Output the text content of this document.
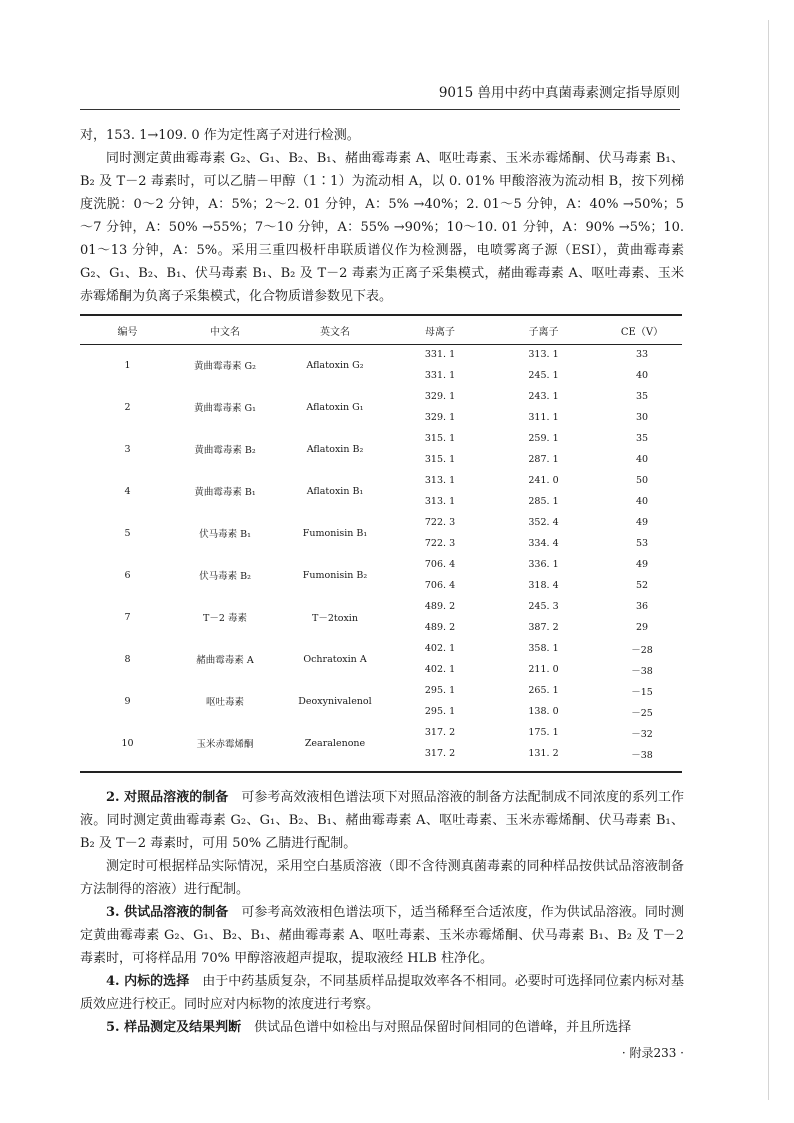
9015 兽用中药中真菌毒素测定指导原则

对，153. 1→109. 0 作为定性离子对进行检测。

同时测定黄曲霉毒素 G₂、G₁、B₂、B₁、赭曲霉毒素 A、呕吐毒素、玉米赤霉烯酮、伏马毒素 B₁、B₂ 及 T－2 毒素时，可以乙腈－甲醇（1∶1）为流动相 A，以 0. 01% 甲酸溶液为流动相 B，按下列梯度洗脱：0～2 分钟，A：5%；2～2. 01 分钟，A：5% →40%；2. 01～5 分钟，A：40% →50%；5～7 分钟，A：50% →55%；7～10 分钟，A：55% →90%；10～10. 01 分钟，A：90% →5%；10. 01～13 分钟，A：5%。采用三重四极杆串联质谱仪作为检测器，电喷雾离子源（ESI），黄曲霉毒素 G₂、G₁、B₂、B₁、伏马毒素 B₁、B₂ 及 T－2 毒素为正离子采集模式，赭曲霉毒素 A、呕吐毒素、玉米赤霉烯酮为负离子采集模式，化合物质谱参数见下表。

编号	中文名	英文名	母离子	子离子	CE（V）
1	黄曲霉毒素 G₂	Aflatoxin G₂	331. 1	313. 1	33
			331. 1	245. 1	40
2	黄曲霉毒素 G₁	Aflatoxin G₁	329. 1	243. 1	35
			329. 1	311. 1	30
3	黄曲霉毒素 B₂	Aflatoxin B₂	315. 1	259. 1	35
			315. 1	287. 1	40
4	黄曲霉毒素 B₁	Aflatoxin B₁	313. 1	241. 0	50
			313. 1	285. 1	40
5	伏马毒素 B₁	Fumonisin B₁	722. 3	352. 4	49
			722. 3	334. 4	53
6	伏马毒素 B₂	Fumonisin B₂	706. 4	336. 1	49
			706. 4	318. 4	52
7	T－2 毒素	T－2toxin	489. 2	245. 3	36
			489. 2	387. 2	29
8	赭曲霉毒素 A	Ochratoxin A	402. 1	358. 1	－28
			402. 1	211. 0	－38
9	呕吐毒素	Deoxynivalenol	295. 1	265. 1	－15
			295. 1	138. 0	－25
10	玉米赤霉烯酮	Zearalenone	317. 2	175. 1	－32
			317. 2	131. 2	－38

2. 对照品溶液的制备　 可参考高效液相色谱法项下对照品溶液的制备方法配制成不同浓度的系列工作液。同时测定黄曲霉毒素 G₂、G₁、B₂、B₁、赭曲霉毒素 A、呕吐毒素、玉米赤霉烯酮、伏马毒素 B₁、B₂ 及 T－2 毒素时，可用 50% 乙腈进行配制。

测定时可根据样品实际情况，采用空白基质溶液（即不含待测真菌毒素的同种样品按供试品溶液制备方法制得的溶液）进行配制。

3. 供试品溶液的制备　 可参考高效液相色谱法项下，适当稀释至合适浓度，作为供试品溶液。同时测定黄曲霉毒素 G₂、G₁、B₂、B₁、赭曲霉毒素 A、呕吐毒素、玉米赤霉烯酮、伏马毒素 B₁、B₂ 及 T－2 毒素时，可将样品用 70% 甲醇溶液超声提取，提取液经 HLB 柱净化。

4. 内标的选择　 由于中药基质复杂，不同基质样品提取效率各不相同。必要时可选择同位素内标对基质效应进行校正。同时应对内标物的浓度进行考察。

5. 样品测定及结果判断　 供试品色谱中如检出与对照品保留时间相同的色谱峰，并且所选择

· 附录233 ·
